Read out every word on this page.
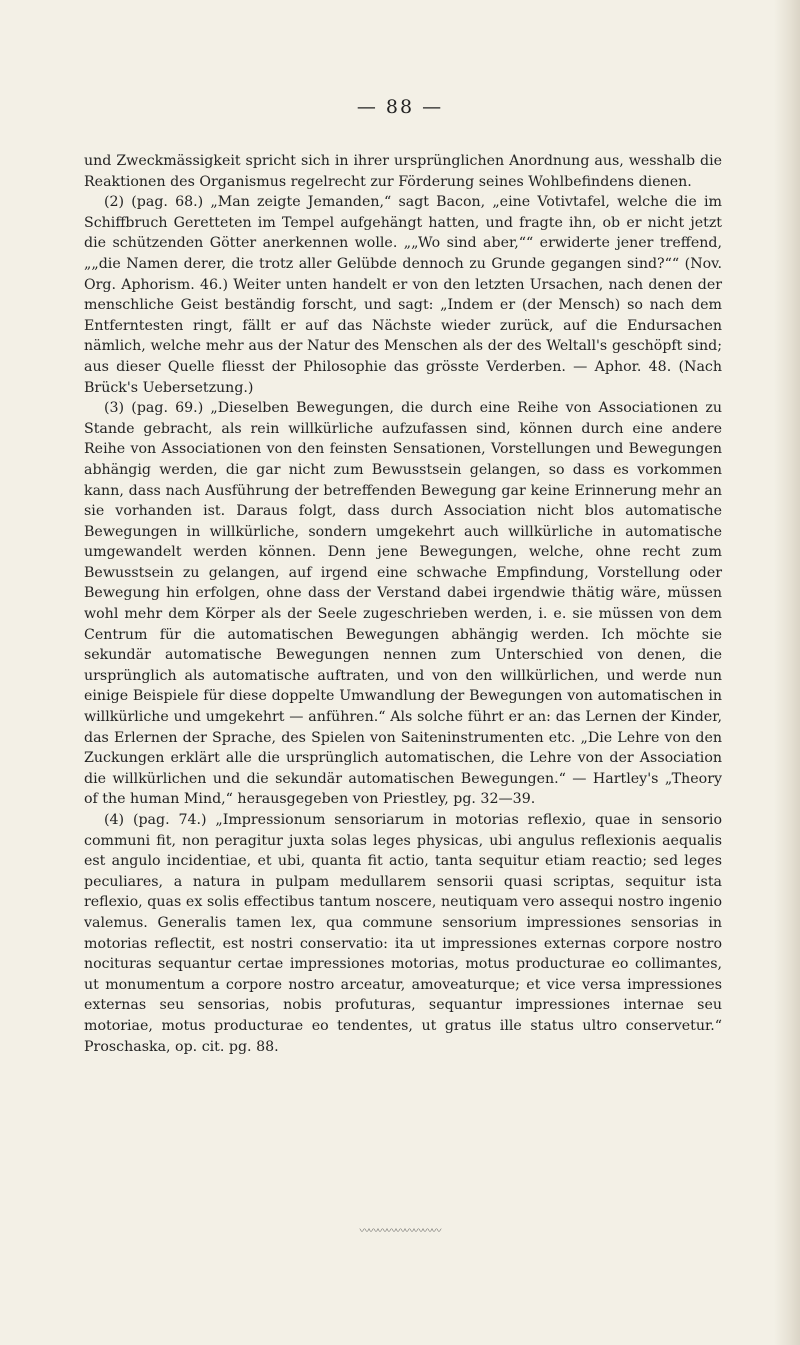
— 88 —

und Zweckmässigkeit spricht sich in ihrer ursprünglichen Anordnung aus, wesshalb die Reaktionen des Organismus regelrecht zur Förderung seines Wohlbefindens dienen.

(2) (pag. 68.) „Man zeigte Jemanden,“ sagt Bacon, „eine Votivtafel, welche die im Schiffbruch Geretteten im Tempel aufgehängt hatten, und fragte ihn, ob er nicht jetzt die schützenden Götter anerkennen wolle. „„Wo sind aber,““ erwiderte jener treffend, „„die Namen derer, die trotz aller Gelübde dennoch zu Grunde gegangen sind?““ (Nov. Org. Aphorism. 46.) Weiter unten handelt er von den letzten Ursachen, nach denen der menschliche Geist beständig forscht, und sagt: „Indem er (der Mensch) so nach dem Entferntesten ringt, fällt er auf das Nächste wieder zurück, auf die Endursachen nämlich, welche mehr aus der Natur des Menschen als der des Weltall's geschöpft sind; aus dieser Quelle fliesst der Philosophie das grösste Verderben. — Aphor. 48. (Nach Brück's Uebersetzung.)

(3) (pag. 69.) „Dieselben Bewegungen, die durch eine Reihe von Associationen zu Stande gebracht, als rein willkürliche aufzufassen sind, können durch eine andere Reihe von Associationen von den feinsten Sensationen, Vorstellungen und Bewegungen abhängig werden, die gar nicht zum Bewusstsein gelangen, so dass es vorkommen kann, dass nach Ausführung der betreffenden Bewegung gar keine Erinnerung mehr an sie vorhanden ist. Daraus folgt, dass durch Association nicht blos automatische Bewegungen in willkürliche, sondern umgekehrt auch willkürliche in automatische umgewandelt werden können. Denn jene Bewegungen, welche, ohne recht zum Bewusstsein zu gelangen, auf irgend eine schwache Empfindung, Vorstellung oder Bewegung hin erfolgen, ohne dass der Verstand dabei irgendwie thätig wäre, müssen wohl mehr dem Körper als der Seele zugeschrieben werden, i. e. sie müssen von dem Centrum für die automatischen Bewegungen abhängig werden. Ich möchte sie sekundär automatische Bewegungen nennen zum Unterschied von denen, die ursprünglich als automatische auftraten, und von den willkürlichen, und werde nun einige Beispiele für diese doppelte Umwandlung der Bewegungen von automatischen in willkürliche und umgekehrt — anführen.“ Als solche führt er an: das Lernen der Kinder, das Erlernen der Sprache, des Spielen von Saiteninstrumenten etc. „Die Lehre von den Zuckungen erklärt alle die ursprünglich automatischen, die Lehre von der Association die willkürlichen und die sekundär automatischen Bewegungen.“ — Hartley's „Theory of the human Mind,“ herausgegeben von Priestley, pg. 32—39.

(4) (pag. 74.) „Impressionum sensoriarum in motorias reflexio, quae in sensorio communi fit, non peragitur juxta solas leges physicas, ubi angulus reflexionis aequalis est angulo incidentiae, et ubi, quanta fit actio, tanta sequitur etiam reactio; sed leges peculiares, a natura in pulpam medullarem sensorii quasi scriptas, sequitur ista reflexio, quas ex solis effectibus tantum noscere, neutiquam vero assequi nostro ingenio valemus. Generalis tamen lex, qua commune sensorium impressiones sensorias in motorias reflectit, est nostri conservatio: ita ut impressiones externas corpore nostro nocituras sequantur certae impressiones motorias, motus producturae eo collimantes, ut monumentum a corpore nostro arceatur, amoveaturque; et vice versa impressiones externas seu sensorias, nobis profuturas, sequantur impressiones internae seu motoriae, motus producturae eo tendentes, ut gratus ille status ultro conservetur.“ Proschaska, op. cit. pg. 88.

〰〰〰〰〰〰〰〰〰
